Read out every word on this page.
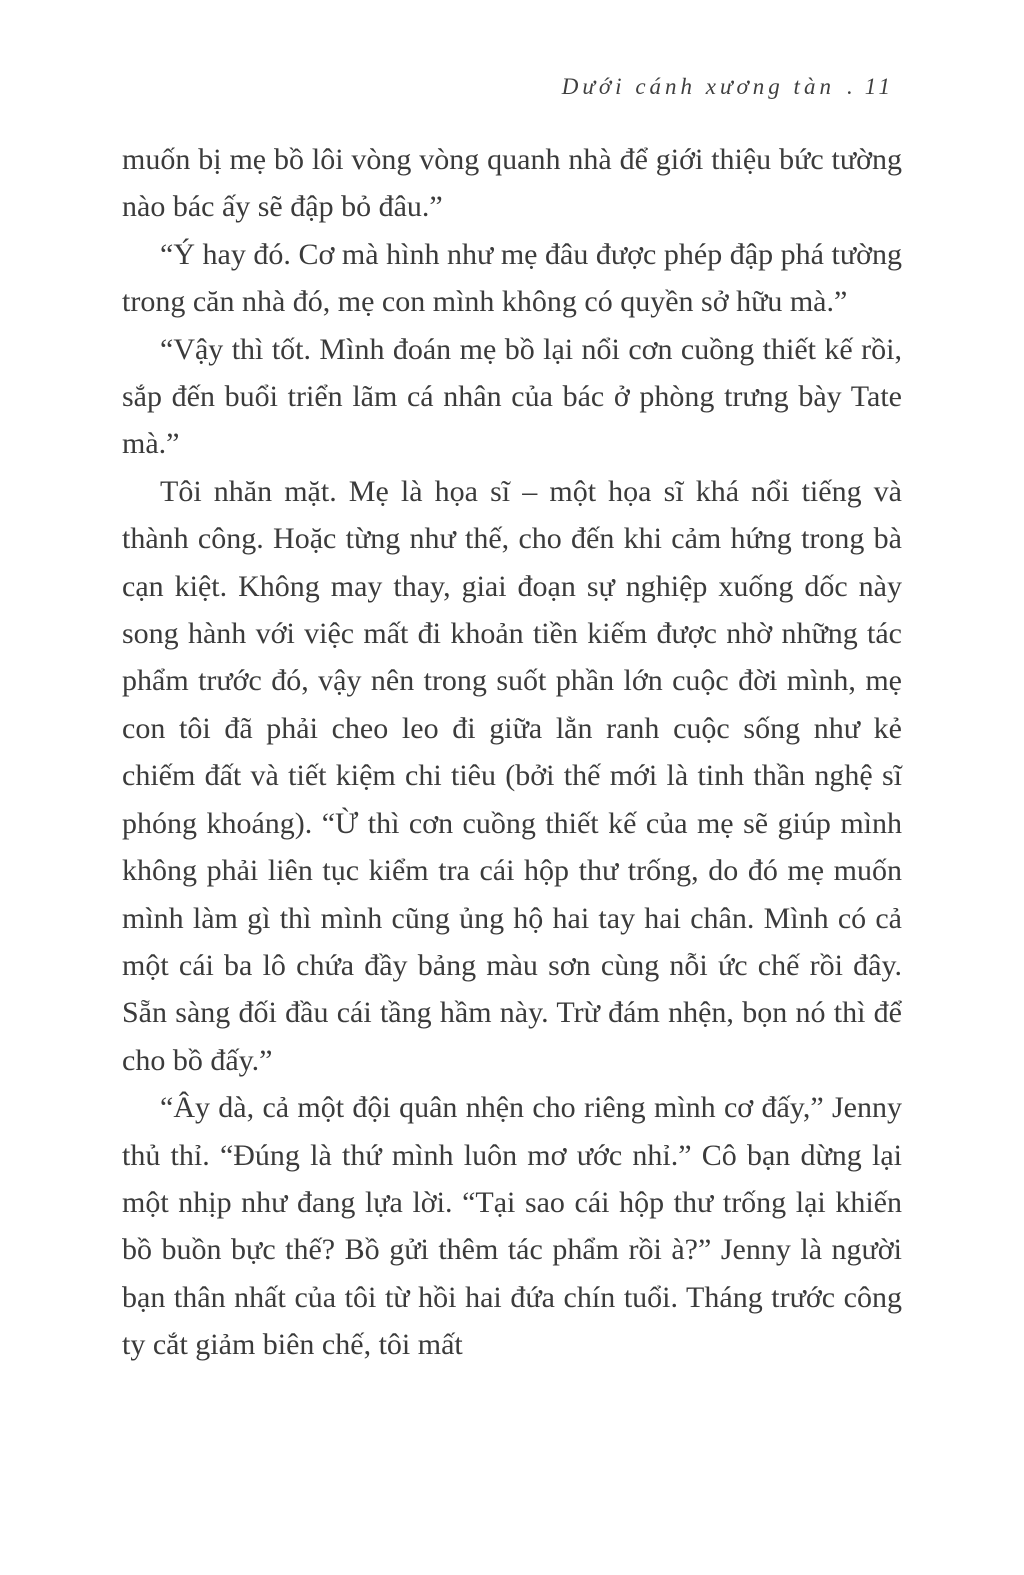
Dưới cánh xương tàn . 11

muốn bị mẹ bồ lôi vòng vòng quanh nhà để giới thiệu bức tường nào bác ấy sẽ đập bỏ đâu.”

“Ý hay đó. Cơ mà hình như mẹ đâu được phép đập phá tường trong căn nhà đó, mẹ con mình không có quyền sở hữu mà.”

“Vậy thì tốt. Mình đoán mẹ bồ lại nổi cơn cuồng thiết kế rồi, sắp đến buổi triển lãm cá nhân của bác ở phòng trưng bày Tate mà.”

Tôi nhăn mặt. Mẹ là họa sĩ – một họa sĩ khá nổi tiếng và thành công. Hoặc từng như thế, cho đến khi cảm hứng trong bà cạn kiệt. Không may thay, giai đoạn sự nghiệp xuống dốc này song hành với việc mất đi khoản tiền kiếm được nhờ những tác phẩm trước đó, vậy nên trong suốt phần lớn cuộc đời mình, mẹ con tôi đã phải cheo leo đi giữa lằn ranh cuộc sống như kẻ chiếm đất và tiết kiệm chi tiêu (bởi thế mới là tinh thần nghệ sĩ phóng khoáng). “Ừ thì cơn cuồng thiết kế của mẹ sẽ giúp mình không phải liên tục kiểm tra cái hộp thư trống, do đó mẹ muốn mình làm gì thì mình cũng ủng hộ hai tay hai chân. Mình có cả một cái ba lô chứa đầy bảng màu sơn cùng nỗi ức chế rồi đây. Sẵn sàng đối đầu cái tầng hầm này. Trừ đám nhện, bọn nó thì để cho bồ đấy.”

“Ây dà, cả một đội quân nhện cho riêng mình cơ đấy,” Jenny thủ thỉ. “Đúng là thứ mình luôn mơ ước nhỉ.” Cô bạn dừng lại một nhịp như đang lựa lời. “Tại sao cái hộp thư trống lại khiến bồ buồn bực thế? Bồ gửi thêm tác phẩm rồi à?” Jenny là người bạn thân nhất của tôi từ hồi hai đứa chín tuổi. Tháng trước công ty cắt giảm biên chế, tôi mất
